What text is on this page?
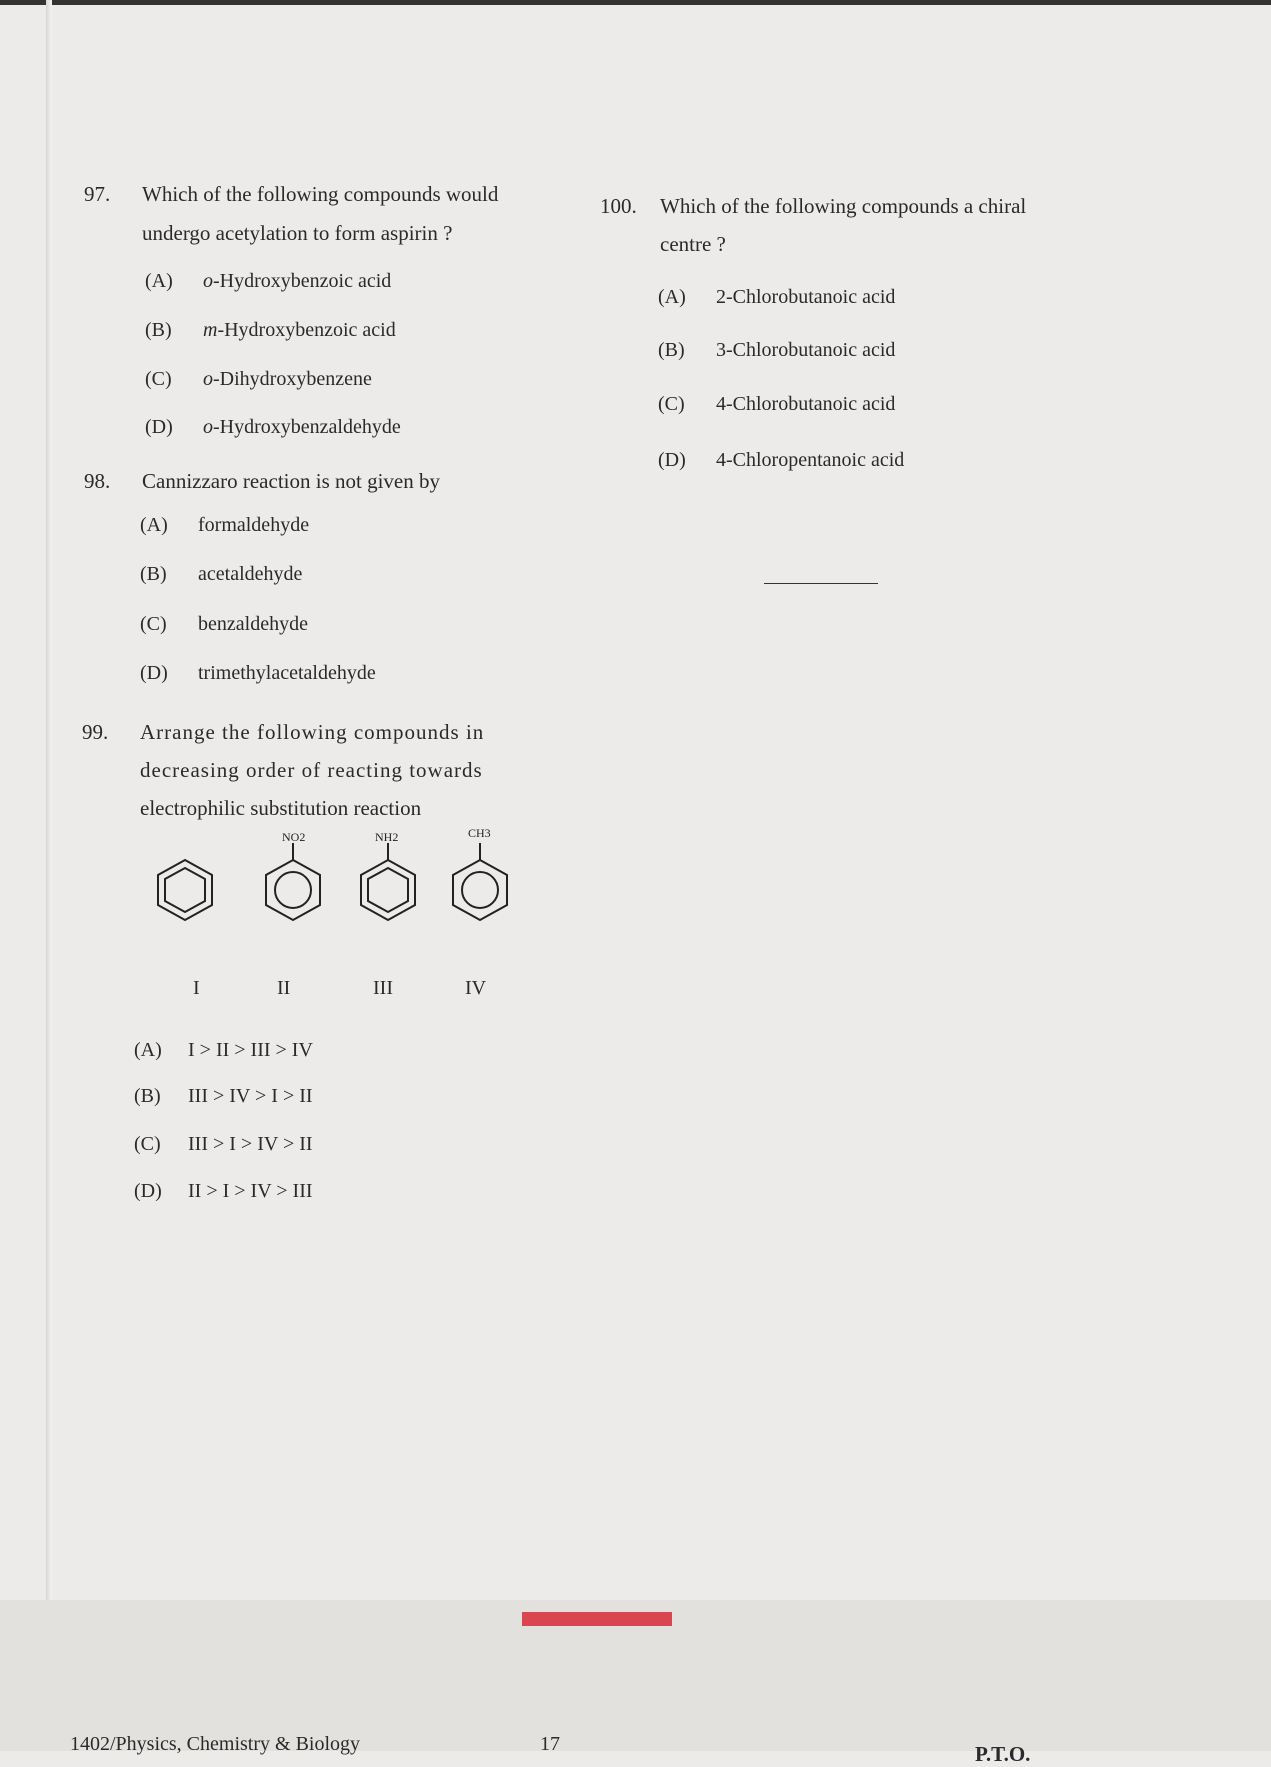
97. Which of the following compounds would
undergo acetylation to form aspirin ?
(A) o-Hydroxybenzoic acid
(B) m-Hydroxybenzoic acid
(C) o-Dihydroxybenzene
(D) o-Hydroxybenzaldehyde
98. Cannizzaro reaction is not given by
(A) formaldehyde
(B) acetaldehyde
(C) benzaldehyde
(D) trimethylacetaldehyde
99. Arrange the following compounds in
decreasing order of reacting towards
electrophilic substitution reaction
NO2	NH2	CH3
I	II	III	IV
(A) I > II > III > IV
(B) III > IV > I > II
(C) III > I > IV > II
(D) II > I > IV > III
100. Which of the following compounds a chiral
centre ?
(A) 2-Chlorobutanoic acid
(B) 3-Chlorobutanoic acid
(C) 4-Chlorobutanoic acid
(D) 4-Chloropentanoic acid
1402/Physics, Chemistry & Biology	17	P.T.O.
